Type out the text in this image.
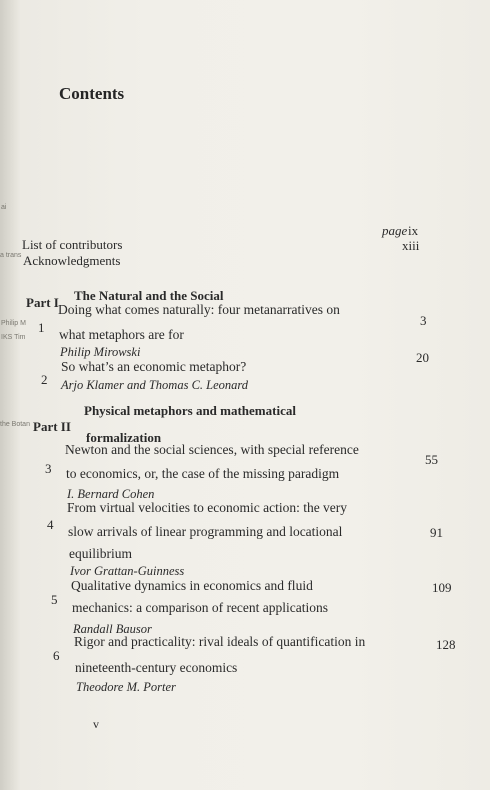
ai
a trans
Philip M
IKS Tim
the Botan
Contents
page ix
xiii
List of contributors
Acknowledgments
Part I The Natural and the Social
1
Doing what comes naturally: four metanarratives on
what metaphors are for
Philip Mirowski
3
2
So what’s an economic metaphor?
Arjo Klamer and Thomas C. Leonard
20
Part II
Physical metaphors and mathematical
formalization
3
Newton and the social sciences, with special reference
to economics, or, the case of the missing paradigm
I. Bernard Cohen
55
4
From virtual velocities to economic action: the very
slow arrivals of linear programming and locational
equilibrium
Ivor Grattan-Guinness
91
5
Qualitative dynamics in economics and fluid
mechanics: a comparison of recent applications
Randall Bausor
109
6
Rigor and practicality: rival ideals of quantification in
nineteenth-century economics
Theodore M. Porter
128
v
